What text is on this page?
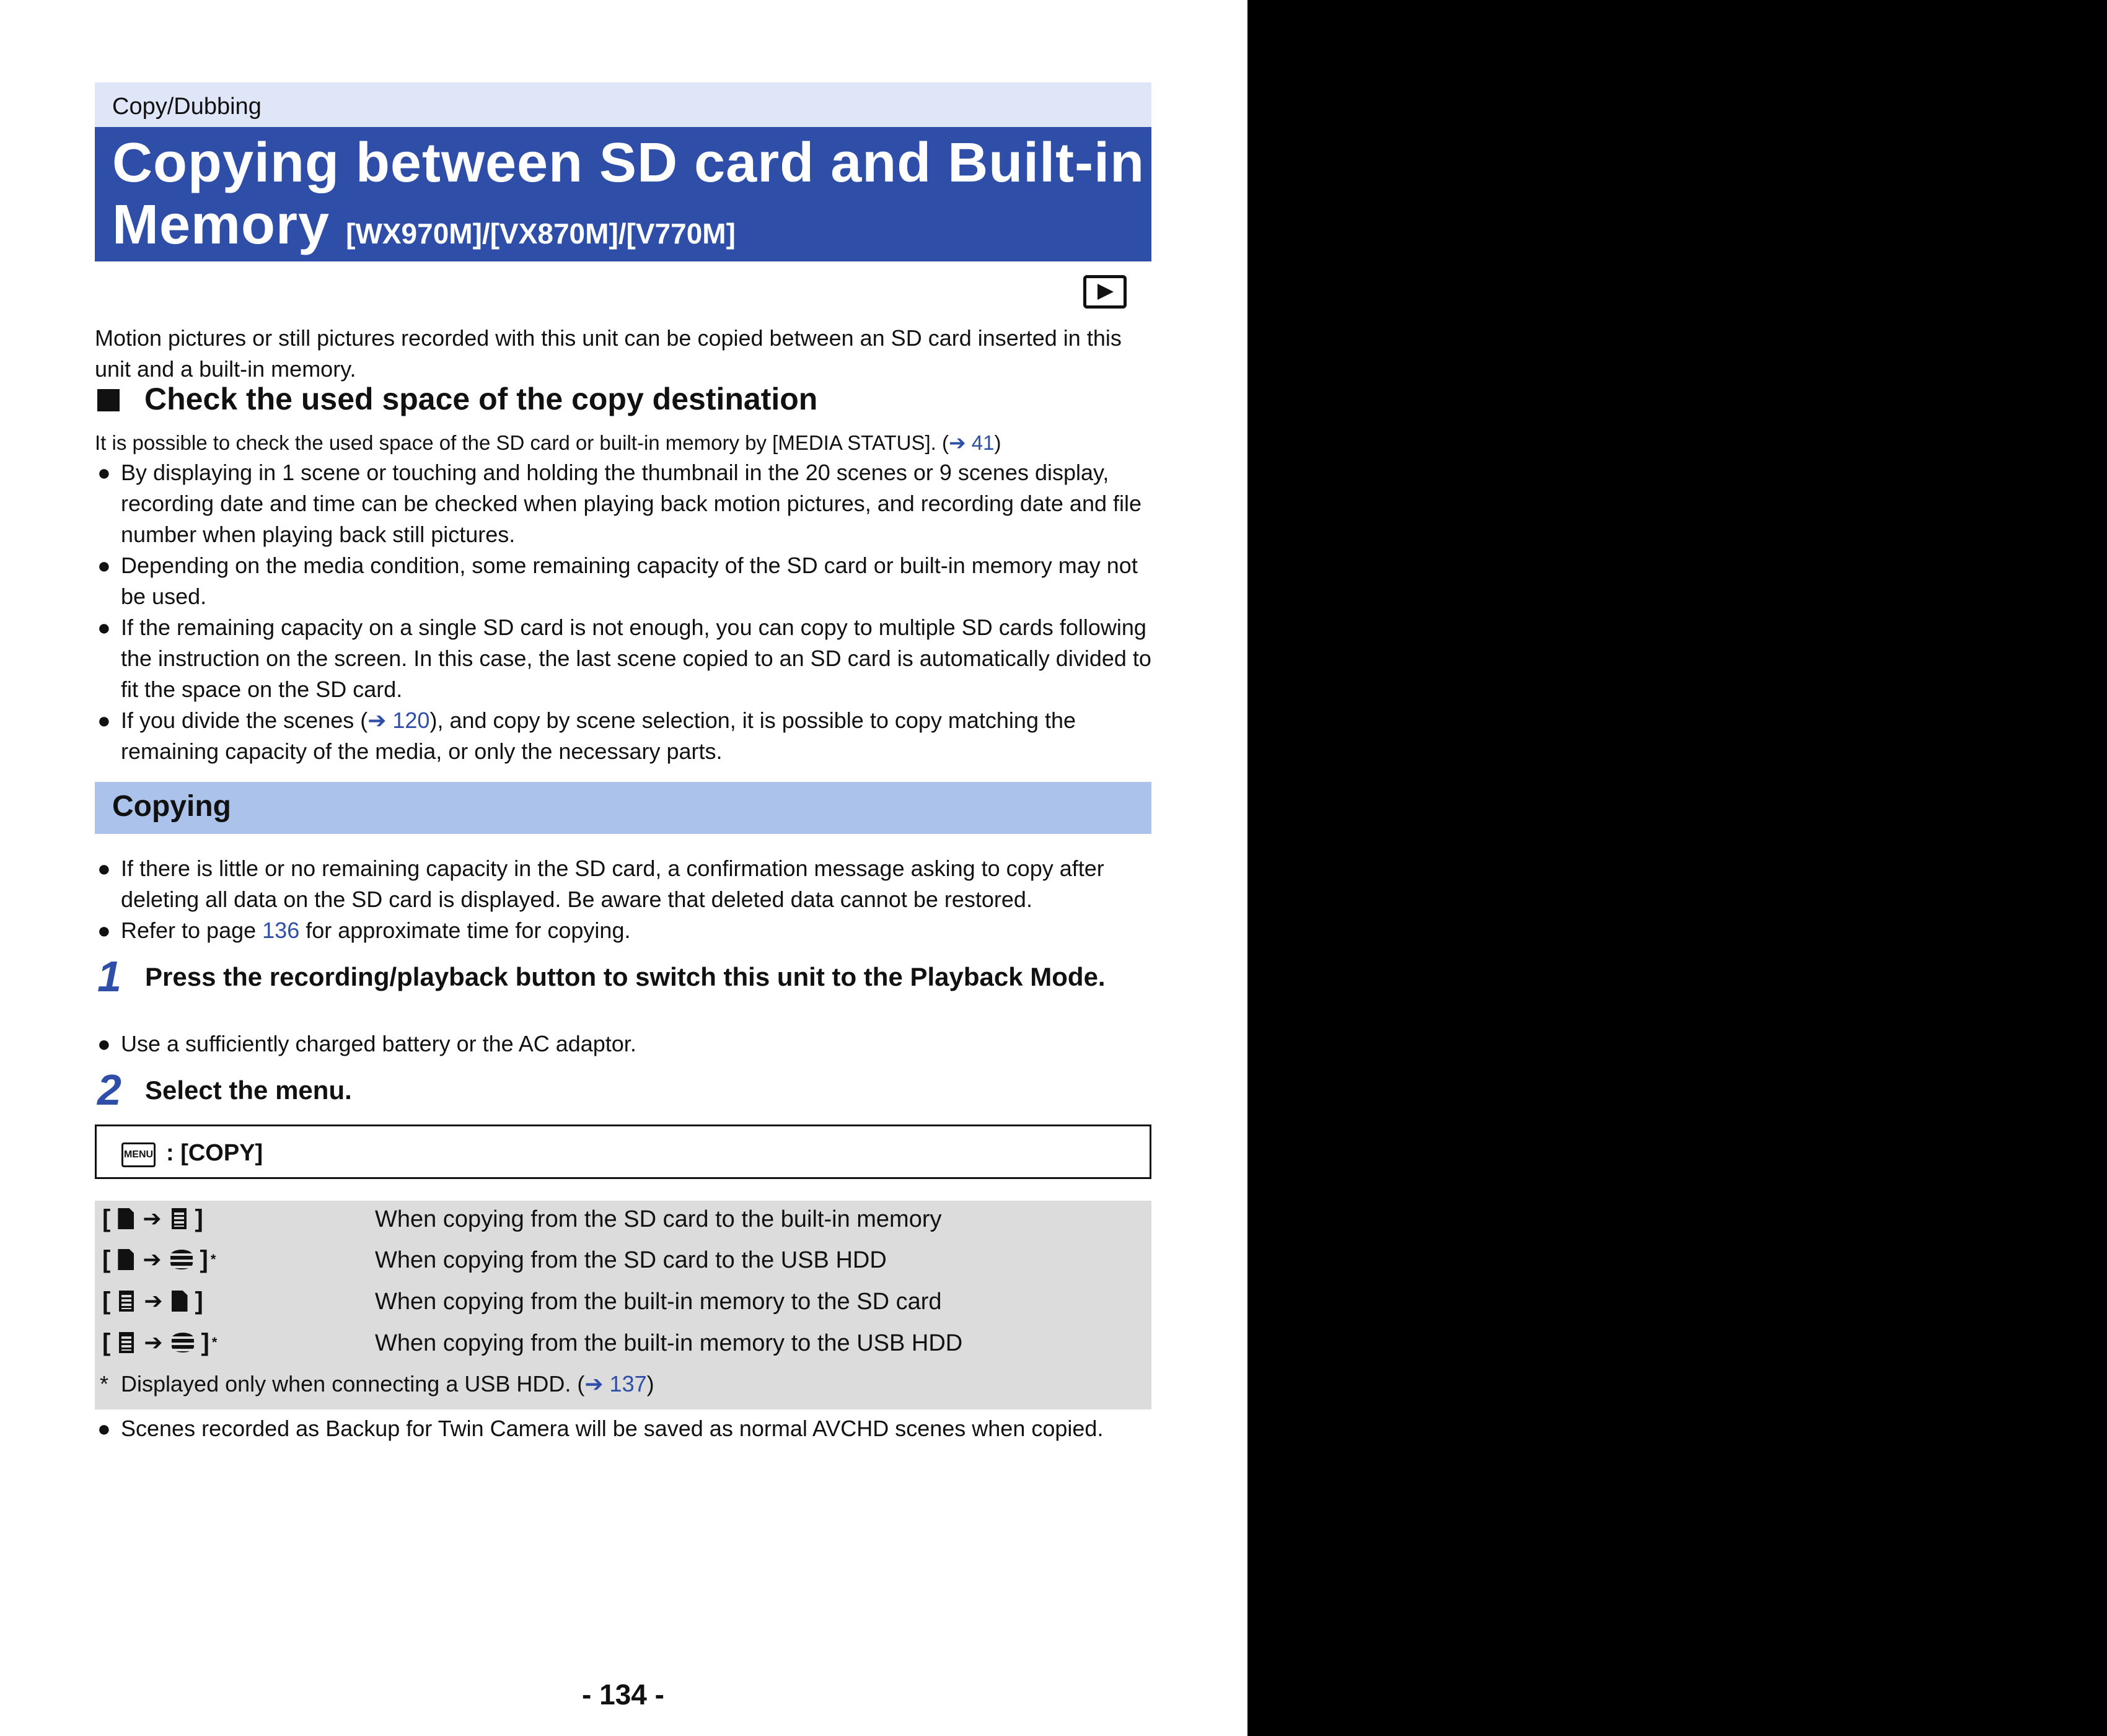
Copy/Dubbing
Copying between SD card and Built-in Memory [WX970M]/[VX870M]/[V770M]
Motion pictures or still pictures recorded with this unit can be copied between an SD card inserted in this unit and a built-in memory.
Check the used space of the copy destination
It is possible to check the used space of the SD card or built-in memory by [MEDIA STATUS]. (➔ 41)
● By displaying in 1 scene or touching and holding the thumbnail in the 20 scenes or 9 scenes display, recording date and time can be checked when playing back motion pictures, and recording date and file number when playing back still pictures.
● Depending on the media condition, some remaining capacity of the SD card or built-in memory may not be used.
● If the remaining capacity on a single SD card is not enough, you can copy to multiple SD cards following the instruction on the screen. In this case, the last scene copied to an SD card is automatically divided to fit the space on the SD card.
● If you divide the scenes (➔ 120), and copy by scene selection, it is possible to copy matching the remaining capacity of the media, or only the necessary parts.
Copying
● If there is little or no remaining capacity in the SD card, a confirmation message asking to copy after deleting all data on the SD card is displayed. Be aware that deleted data cannot be restored.
● Refer to page 136 for approximate time for copying.
1 Press the recording/playback button to switch this unit to the Playback Mode.
● Use a sufficiently charged battery or the AC adaptor.
2 Select the menu.
MENU : [COPY]
[ ➔ ]	When copying from the SD card to the built-in memory
[ ➔ ] *	When copying from the SD card to the USB HDD
[ ➔ ]	When copying from the built-in memory to the SD card
[ ➔ ] *	When copying from the built-in memory to the USB HDD
*  Displayed only when connecting a USB HDD. (➔ 137)
● Scenes recorded as Backup for Twin Camera will be saved as normal AVCHD scenes when copied.
- 134 -
